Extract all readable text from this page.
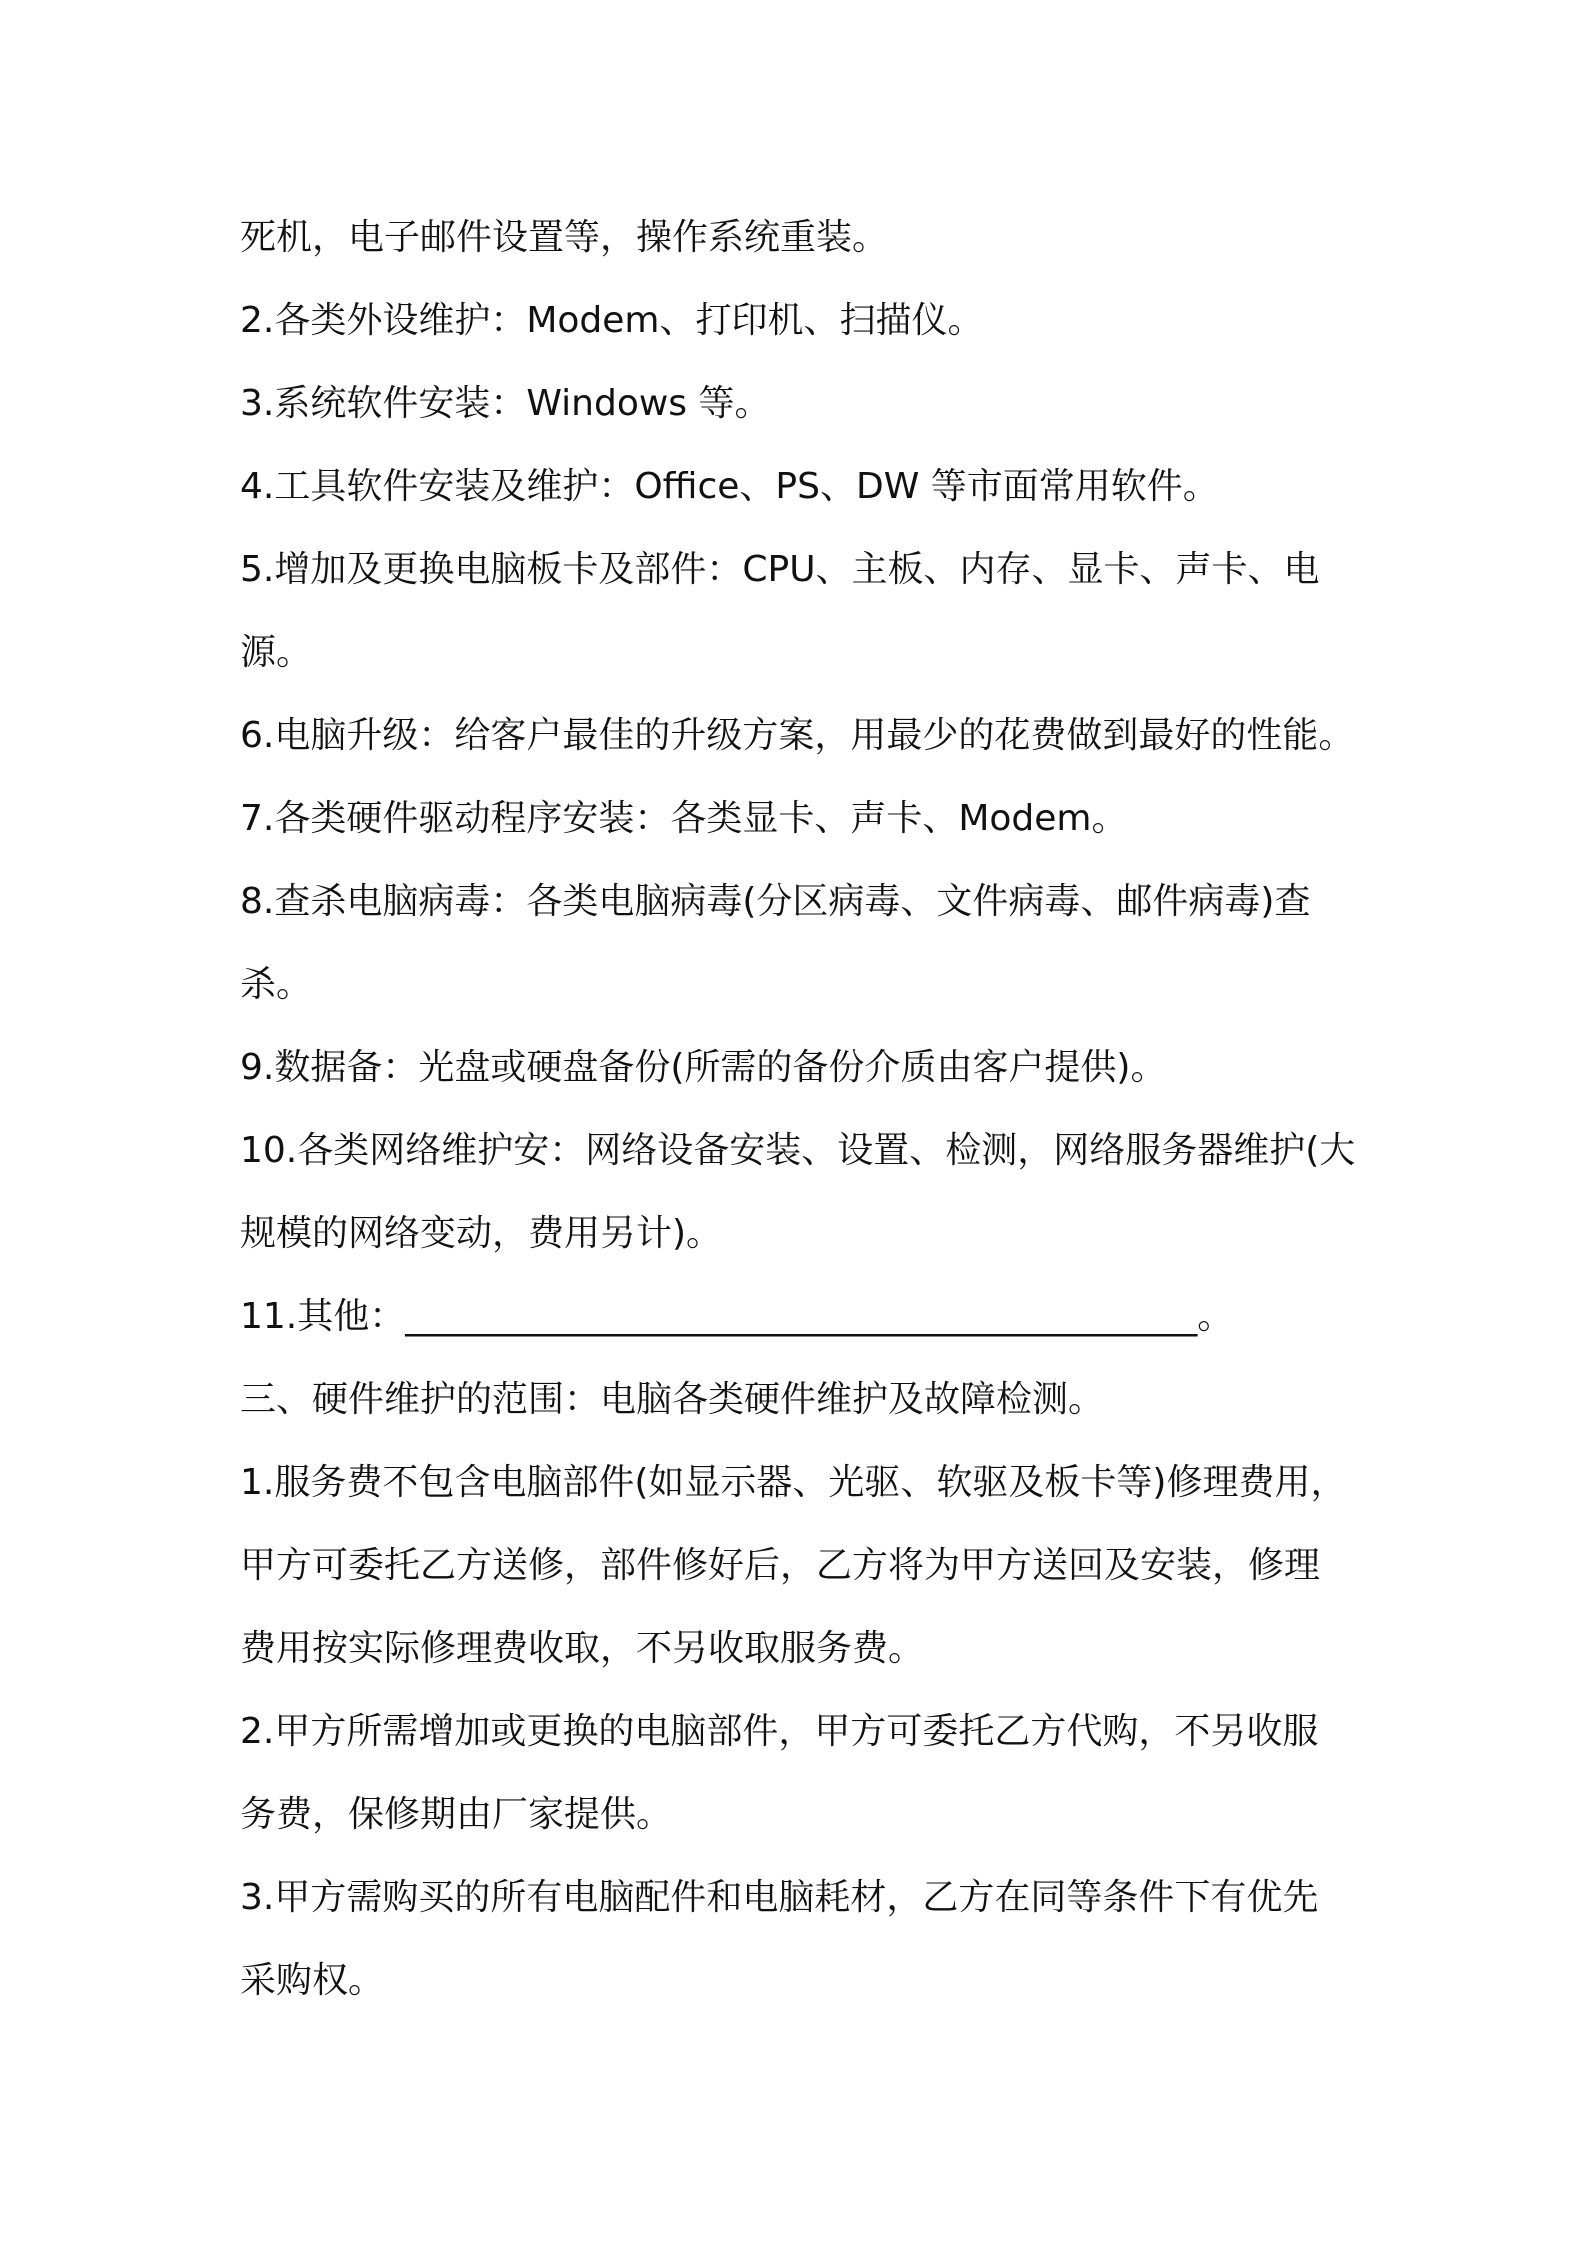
死机，电子邮件设置等，操作系统重装。
2.各类外设维护：Modem、打印机、扫描仪。
3.系统软件安装：Windows 等。
4.工具软件安装及维护：Office、PS、DW 等市面常用软件。
5.增加及更换电脑板卡及部件：CPU、主板、内存、显卡、声卡、电
源。
6.电脑升级：给客户最佳的升级方案，用最少的花费做到最好的性能。
7.各类硬件驱动程序安装：各类显卡、声卡、Modem。
8.查杀电脑病毒：各类电脑病毒(分区病毒、文件病毒、邮件病毒)查
杀。
9.数据备：光盘或硬盘备份(所需的备份介质由客户提供)。
10.各类网络维护安：网络设备安装、设置、检测，网络服务器维护(大
规模的网络变动，费用另计)。
11.其他：____________________________________________。
三、硬件维护的范围：电脑各类硬件维护及故障检测。
1.服务费不包含电脑部件(如显示器、光驱、软驱及板卡等)修理费用，
甲方可委托乙方送修，部件修好后，乙方将为甲方送回及安装，修理
费用按实际修理费收取，不另收取服务费。
2.甲方所需增加或更换的电脑部件，甲方可委托乙方代购，不另收服
务费，保修期由厂家提供。
3.甲方需购买的所有电脑配件和电脑耗材，乙方在同等条件下有优先
采购权。
